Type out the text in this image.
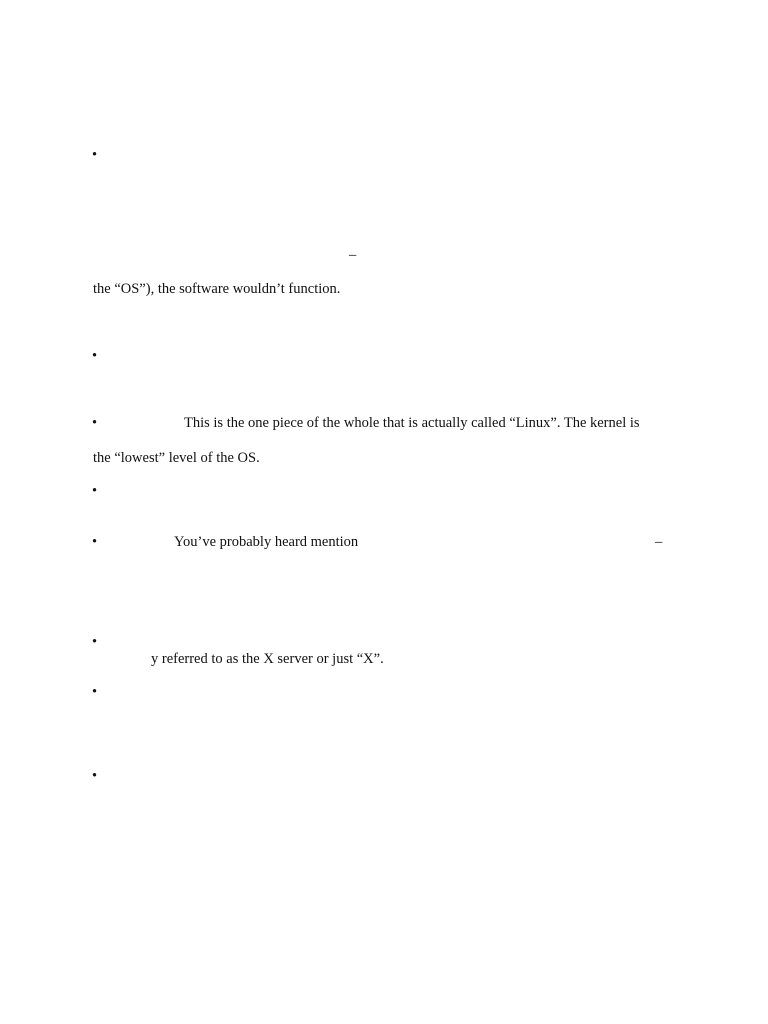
•
–
the “OS”), the software wouldn’t function.
•
•	This is the one piece of the whole that is actually called “Linux”. The kernel is
the “lowest” level of the OS.
•
•	You’ve probably heard mention	–
•
y referred to as the X server or just “X”.
•
•
